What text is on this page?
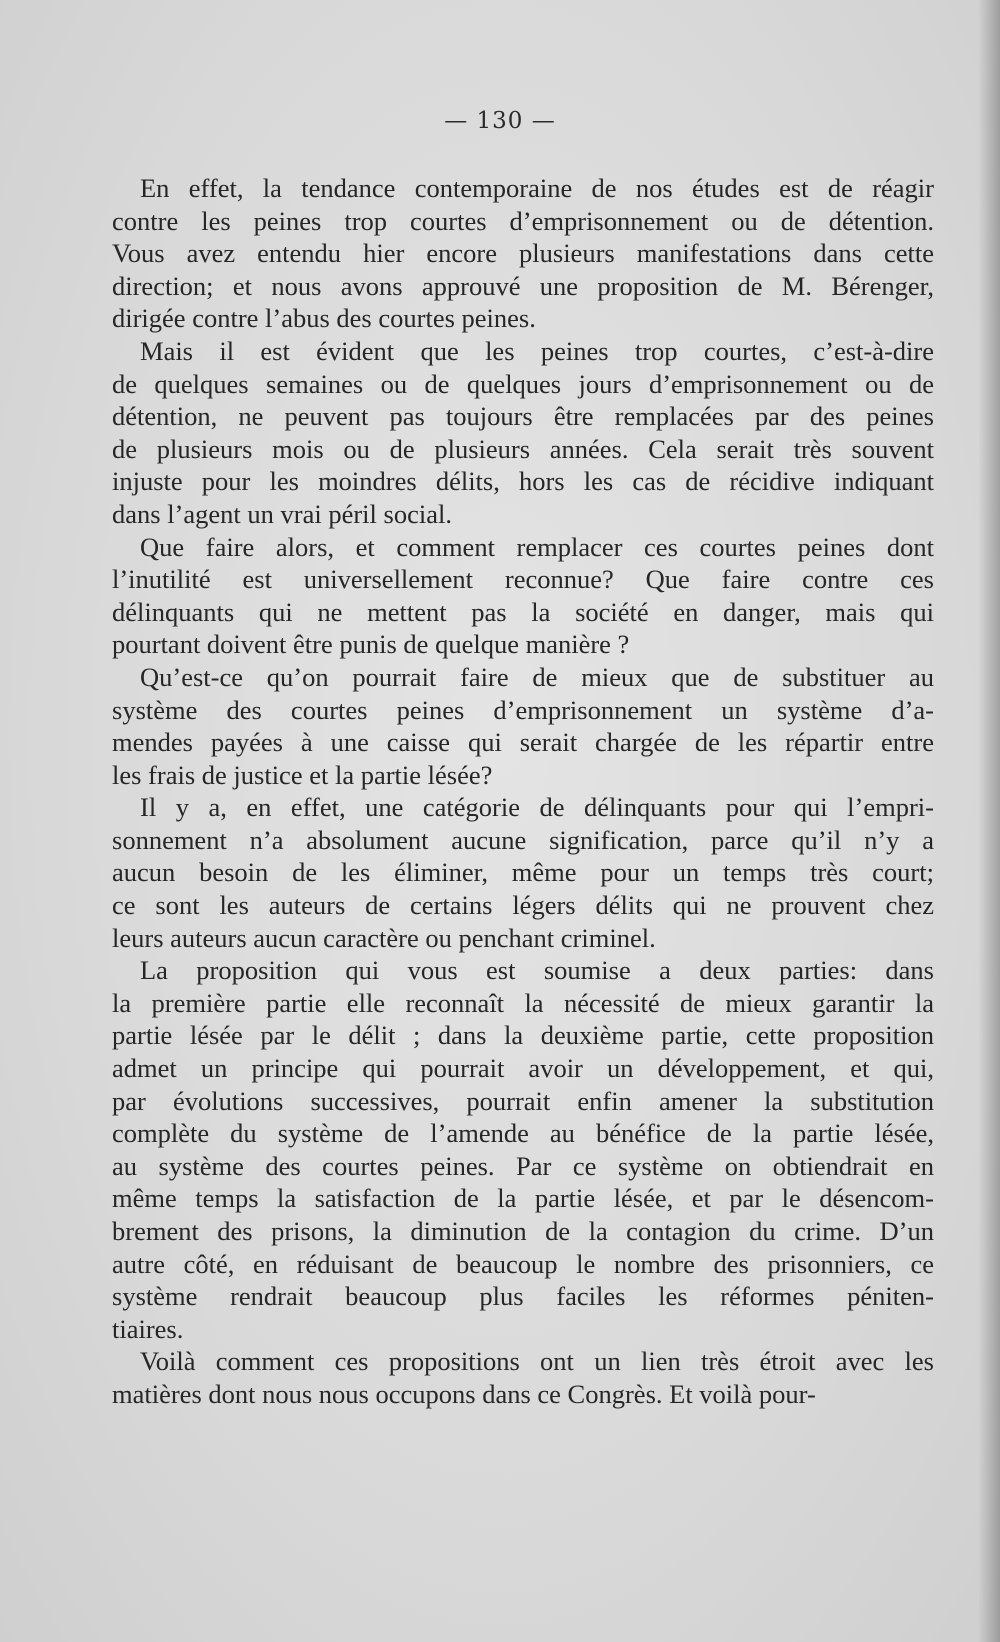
— 130 —
En effet, la tendance contemporaine de nos études est de réagir
contre les peines trop courtes d’emprisonnement ou de détention.
Vous avez entendu hier encore plusieurs manifestations dans cette
direction; et nous avons approuvé une proposition de M. Bérenger,
dirigée contre l’abus des courtes peines.
Mais il est évident que les peines trop courtes, c’est-à-dire
de quelques semaines ou de quelques jours d’emprisonnement ou de
détention, ne peuvent pas toujours être remplacées par des peines
de plusieurs mois ou de plusieurs années. Cela serait très souvent
injuste pour les moindres délits, hors les cas de récidive indiquant
dans l’agent un vrai péril social.
Que faire alors, et comment remplacer ces courtes peines dont
l’inutilité est universellement reconnue? Que faire contre ces
délinquants qui ne mettent pas la société en danger, mais qui
pourtant doivent être punis de quelque manière ?
Qu’est-ce qu’on pourrait faire de mieux que de substituer au
système des courtes peines d’emprisonnement un système d’a-
mendes payées à une caisse qui serait chargée de les répartir entre
les frais de justice et la partie lésée?
Il y a, en effet, une catégorie de délinquants pour qui l’empri-
sonnement n’a absolument aucune signification, parce qu’il n’y a
aucun besoin de les éliminer, même pour un temps très court;
ce sont les auteurs de certains légers délits qui ne prouvent chez
leurs auteurs aucun caractère ou penchant criminel.
La proposition qui vous est soumise a deux parties: dans
la première partie elle reconnaît la nécessité de mieux garantir la
partie lésée par le délit ; dans la deuxième partie, cette proposition
admet un principe qui pourrait avoir un développement, et qui,
par évolutions successives, pourrait enfin amener la substitution
complète du système de l’amende au bénéfice de la partie lésée,
au système des courtes peines. Par ce système on obtiendrait en
même temps la satisfaction de la partie lésée, et par le désencom-
brement des prisons, la diminution de la contagion du crime. D’un
autre côté, en réduisant de beaucoup le nombre des prisonniers, ce
système rendrait beaucoup plus faciles les réformes péniten-
tiaires.
Voilà comment ces propositions ont un lien très étroit avec les
matières dont nous nous occupons dans ce Congrès. Et voilà pour-
